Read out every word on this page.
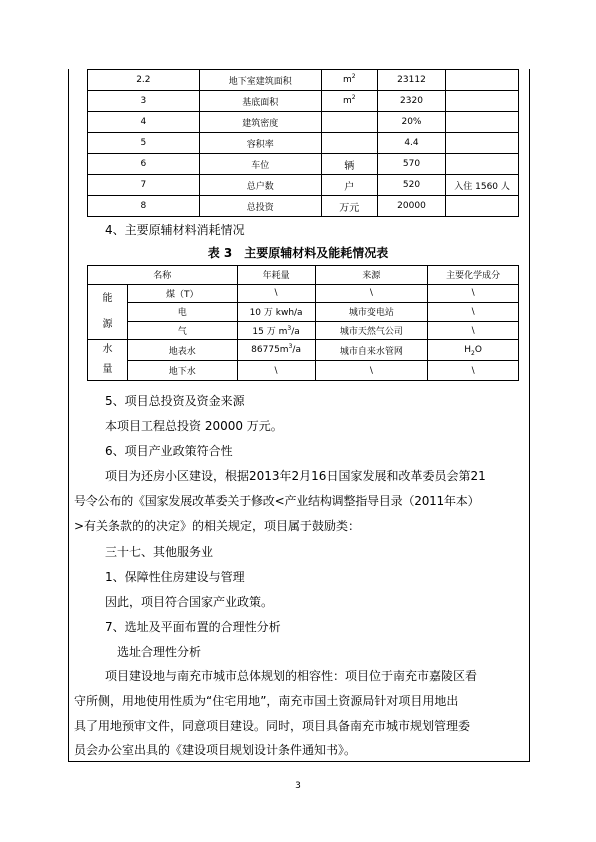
2.2	地下室建筑面积	$m^2$	23112	
3	基底面积	$m^2$	2320	
4	建筑密度		20%	
5	容积率		4.4	
6	车位	辆	570	
7	总户数	户	520	入住 1560 人
8	总投资	万元	20000	
4、主要原辅材料消耗情况
表 3　主要原辅材料及能耗情况表
名称		年耗量	来源	主要化学成分

能
源	煤（T）	\	\	\
	电	10 万 kwh/a	城市变电站	\
	气	15 万 $m^3/a$	城市天然气公司	\

水
量	地表水	$86775m^3/a$	城市自来水管网	$H_2O$
	地下水	\	\	\
5、项目总投资及资金来源
本项目工程总投资 20000 万元。
6、项目产业政策符合性
项目为还房小区建设，根据2013年2月16日国家发展和改革委员会第21
号令公布的《国家发展改革委关于修改<产业结构调整指导目录（2011年本）
>有关条款的的决定》的相关规定，项目属于鼓励类：
三十七、其他服务业
1、保障性住房建设与管理
因此，项目符合国家产业政策。
7、选址及平面布置的合理性分析
选址合理性分析
项目建设地与南充市城市总体规划的相容性：项目位于南充市嘉陵区看
守所侧，用地使用性质为“住宅用地”，南充市国土资源局针对项目用地出
具了用地预审文件，同意项目建设。同时，项目具备南充市城市规划管理委
员会办公室出具的《建设项目规划设计条件通知书》。
3
